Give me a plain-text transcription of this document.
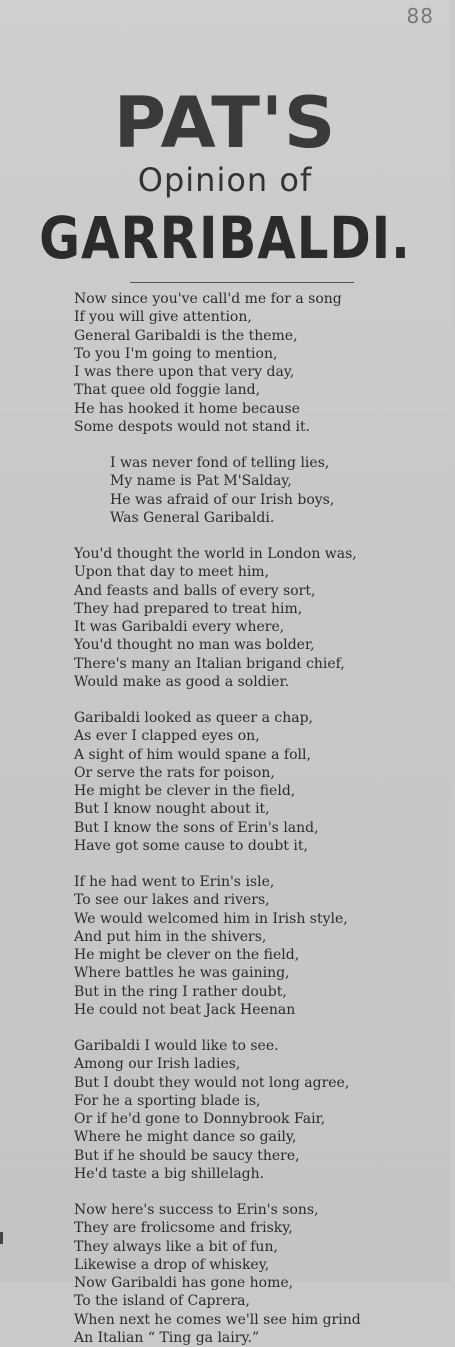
88
PAT'S
Opinion of
GARRIBALDI.
Now since you've call'd me for a song
If you will give attention,
General Garibaldi is the theme,
To you I'm going to mention,
I was there upon that very day,
That quee old foggie land,
He has hooked it home because
Some despots would not stand it.
I was never fond of telling lies,
My name is Pat M'Salday,
He was afraid of our Irish boys,
Was General Garibaldi.
You'd thought the world in London was,
Upon that day to meet him,
And feasts and balls of every sort,
They had prepared to treat him,
It was Garibaldi every where,
You'd thought no man was bolder,
There's many an Italian brigand chief,
Would make as good a soldier.
Garibaldi looked as queer a chap,
As ever I clapped eyes on,
A sight of him would spane a foll,
Or serve the rats for poison,
He might be clever in the field,
But I know nought about it,
But I know the sons of Erin's land,
Have got some cause to doubt it,
If he had went to Erin's isle,
To see our lakes and rivers,
We would welcomed him in Irish style,
And put him in the shivers,
He might be clever on the field,
Where battles he was gaining,
But in the ring I rather doubt,
He could not beat Jack Heenan
Garibaldi I would like to see.
Among our Irish ladies,
But I doubt they would not long agree,
For he a sporting blade is,
Or if he'd gone to Donnybrook Fair,
Where he might dance so gaily,
But if he should be saucy there,
He'd taste a big shillelagh.
Now here's success to Erin's sons,
They are frolicsome and frisky,
They always like a bit of fun,
Likewise a drop of whiskey,
Now Garibaldi has gone home,
To the island of Caprera,
When next he comes we'll see him grind
An Italian “ Ting ga lairy.”
